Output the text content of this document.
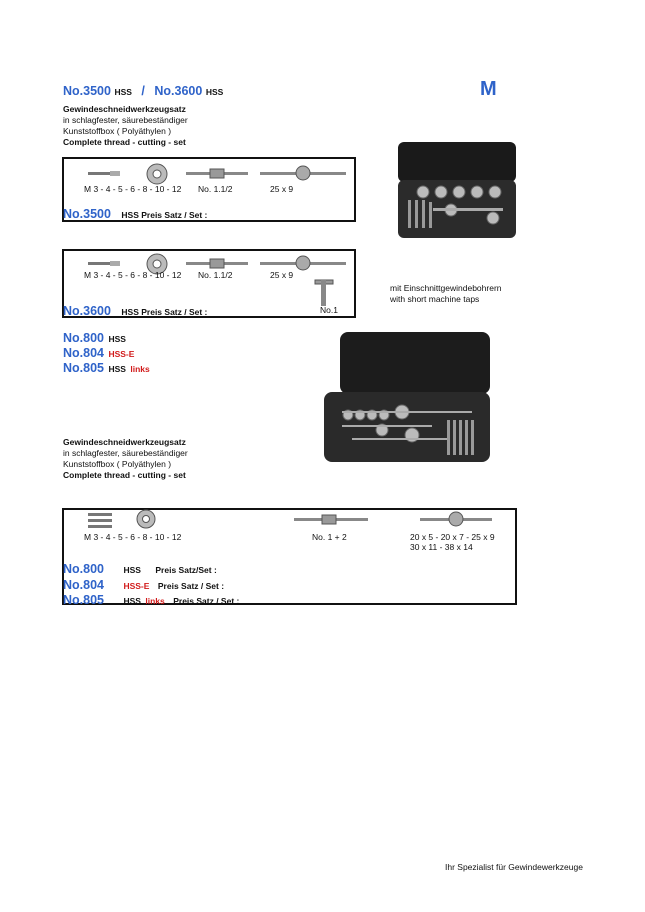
No.3500 HSS / No.3600 HSS	M
Gewindeschneidwerkzeugsatz
in schlagfester, säurebeständiger
Kunststoffbox ( Polyäthylen )
Complete thread - cutting - set
M 3 - 4 - 5 - 6 - 8 - 10 - 12 No. 1.1/2	25 x 9
No.3500 HSS Preis Satz / Set :
M 3 - 4 - 5 - 6 - 8 - 10 - 12 No. 1.1/2	25 x 9
No.1
No.3600 HSS Preis Satz / Set :
mit Einschnittgewindebohrern
with short machine taps
No.800 HSS
No.804 HSS-E
No.805 HSS links
Gewindeschneidwerkzeugsatz
in schlagfester, säurebeständiger
Kunststoffbox ( Polyäthylen )
Complete thread - cutting - set
M 3 - 4 - 5 - 6 - 8 - 10 - 12	No. 1 + 2	20 x 5 - 20 x 7 - 25 x 9
30 x 11 - 38 x 14
No.800 HSS Preis Satz/Set :
No.804 HSS-E Preis Satz / Set :
No.805 HSS links Preis Satz / Set :
Ihr Spezialist für Gewindewerkzeuge
